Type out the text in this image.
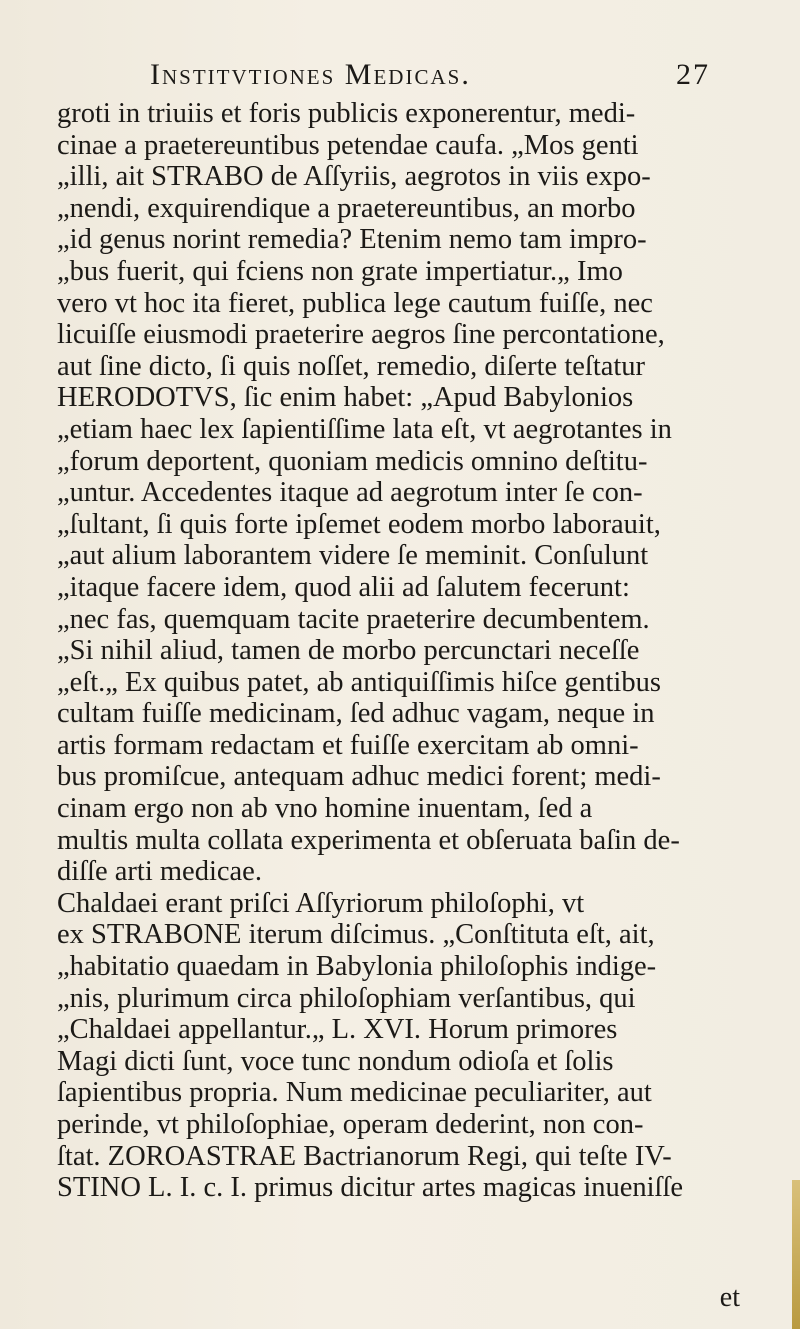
Institvtiones Medicas.	27
groti in triuiis et foris publicis exponerentur, medi-
cinae a praetereuntibus petendae caufa. „Mos genti
„illi, ait STRABO de Aſſyriis, aegrotos in viis expo-
„nendi, exquirendique a praetereuntibus, an morbo
„id genus norint remedia? Etenim nemo tam impro-
„bus fuerit, qui fciens non grate impertiatur.„ Imo
vero vt hoc ita fieret, publica lege cautum fuiſſe, nec
licuiſſe eiusmodi praeterire aegros ſine percontatione,
aut ſine dicto, ſi quis noſſet, remedio, diſerte teſtatur
HERODOTVS, ſic enim habet: „Apud Babylonios
„etiam haec lex ſapientiſſime lata eſt, vt aegrotantes in
„forum deportent, quoniam medicis omnino deſtitu-
„untur. Accedentes itaque ad aegrotum inter ſe con-
„ſultant, ſi quis forte ipſemet eodem morbo laborauit,
„aut alium laborantem videre ſe meminit. Conſulunt
„itaque facere idem, quod alii ad ſalutem fecerunt:
„nec fas, quemquam tacite praeterire decumbentem.
„Si nihil aliud, tamen de morbo percunctari neceſſe
„eſt.„ Ex quibus patet, ab antiquiſſimis hiſce gentibus
cultam fuiſſe medicinam, ſed adhuc vagam, neque in
artis formam redactam et fuiſſe exercitam ab omni-
bus promiſcue, antequam adhuc medici forent; medi-
cinam ergo non ab vno homine inuentam, ſed a
multis multa collata experimenta et obſeruata baſin de-
diſſe arti medicae.
Chaldaei erant priſci Aſſyriorum philoſophi, vt
ex STRABONE iterum diſcimus. „Conſtituta eſt, ait,
„habitatio quaedam in Babylonia philoſophis indige-
„nis, plurimum circa philoſophiam verſantibus, qui
„Chaldaei appellantur.„ L. XVI. Horum primores
Magi dicti ſunt, voce tunc nondum odioſa et ſolis
ſapientibus propria. Num medicinae peculiariter, aut
perinde, vt philoſophiae, operam dederint, non con-
ſtat. ZOROASTRAE Bactrianorum Regi, qui teſte IV-
STINO L. I. c. I. primus dicitur artes magicas inueniſſe
et
